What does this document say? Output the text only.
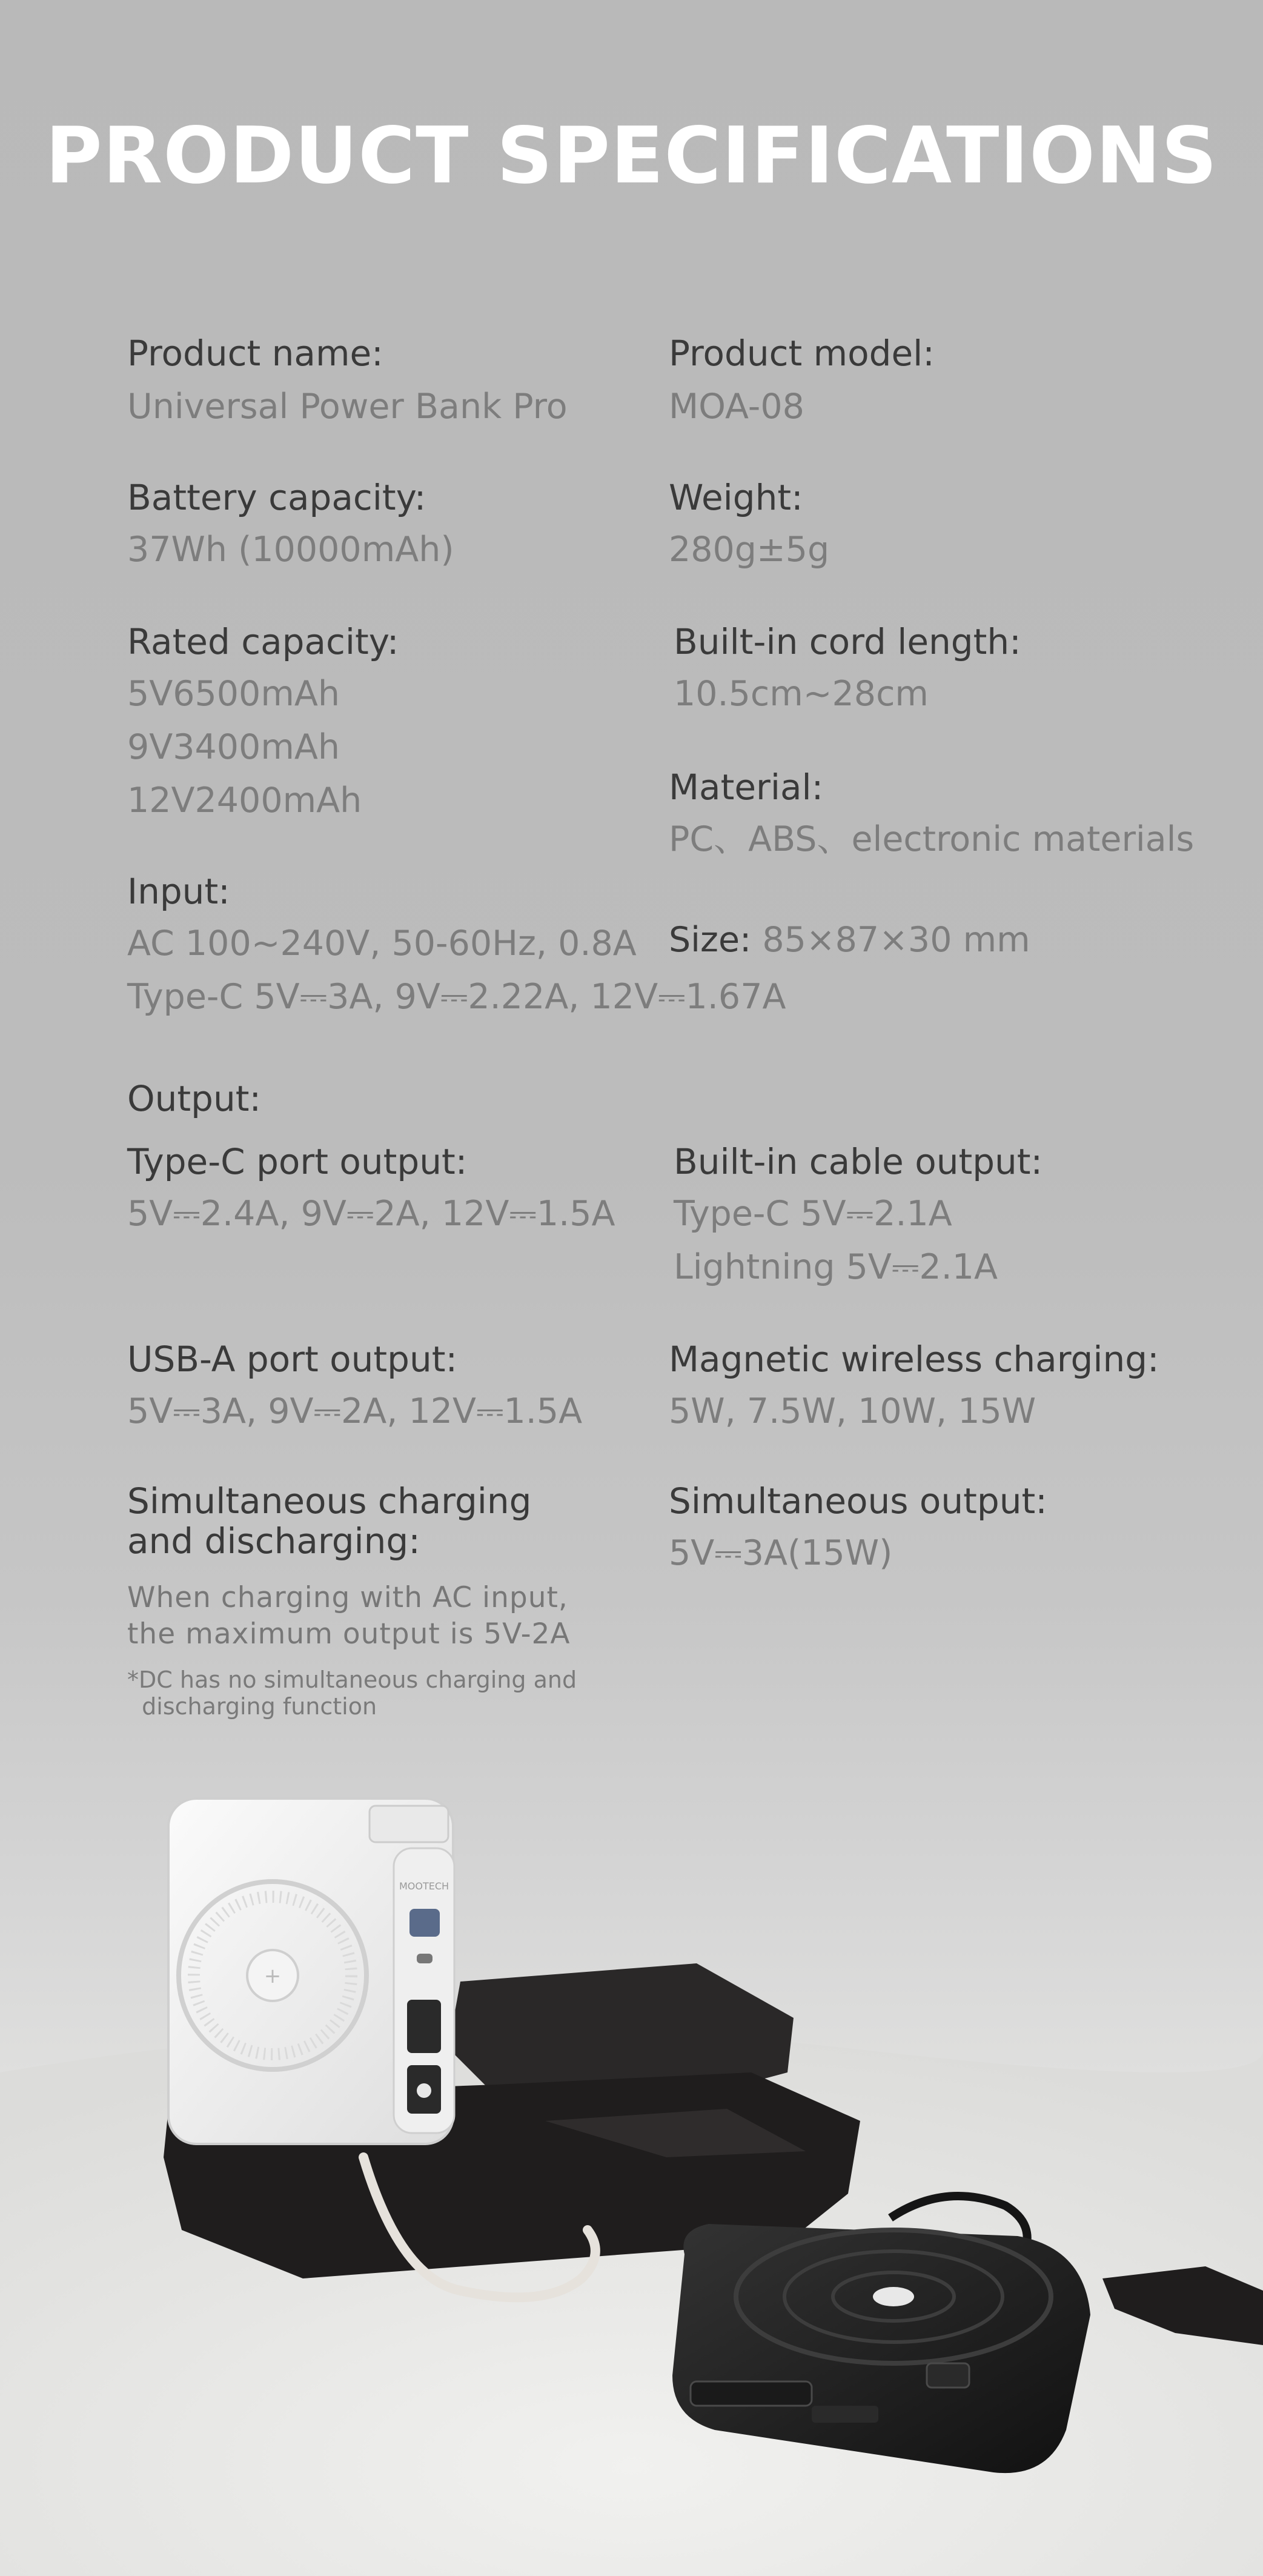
PRODUCT SPECIFICATIONS
Product name:
Universal Power Bank Pro
Product model:
MOA-08
Battery capacity:
37Wh (10000mAh)
Weight:
280g±5g
Rated capacity:
5V6500mAh
9V3400mAh
12V2400mAh
Built-in cord length:
10.5cm~28cm
Material:
PC、ABS、electronic materials
Input:
AC 100~240V, 50-60Hz, 0.8A
Type-C 5V⎓3A, 9V⎓2.22A, 12V⎓1.67A
Size: 85×87×30 mm
Output:
Type-C port output:
5V⎓2.4A, 9V⎓2A, 12V⎓1.5A
Built-in cable output:
Type-C 5V⎓2.1A
Lightning 5V⎓2.1A
USB-A port output:
5V⎓3A, 9V⎓2A, 12V⎓1.5A
Magnetic wireless charging:
5W, 7.5W, 10W, 15W
Simultaneous charging
and discharging:
When charging with AC input,
the maximum output is 5V-2A
*DC has no simultaneous charging and
discharging function
Simultaneous output:
5V⎓3A(15W)
+
MOOTECH
